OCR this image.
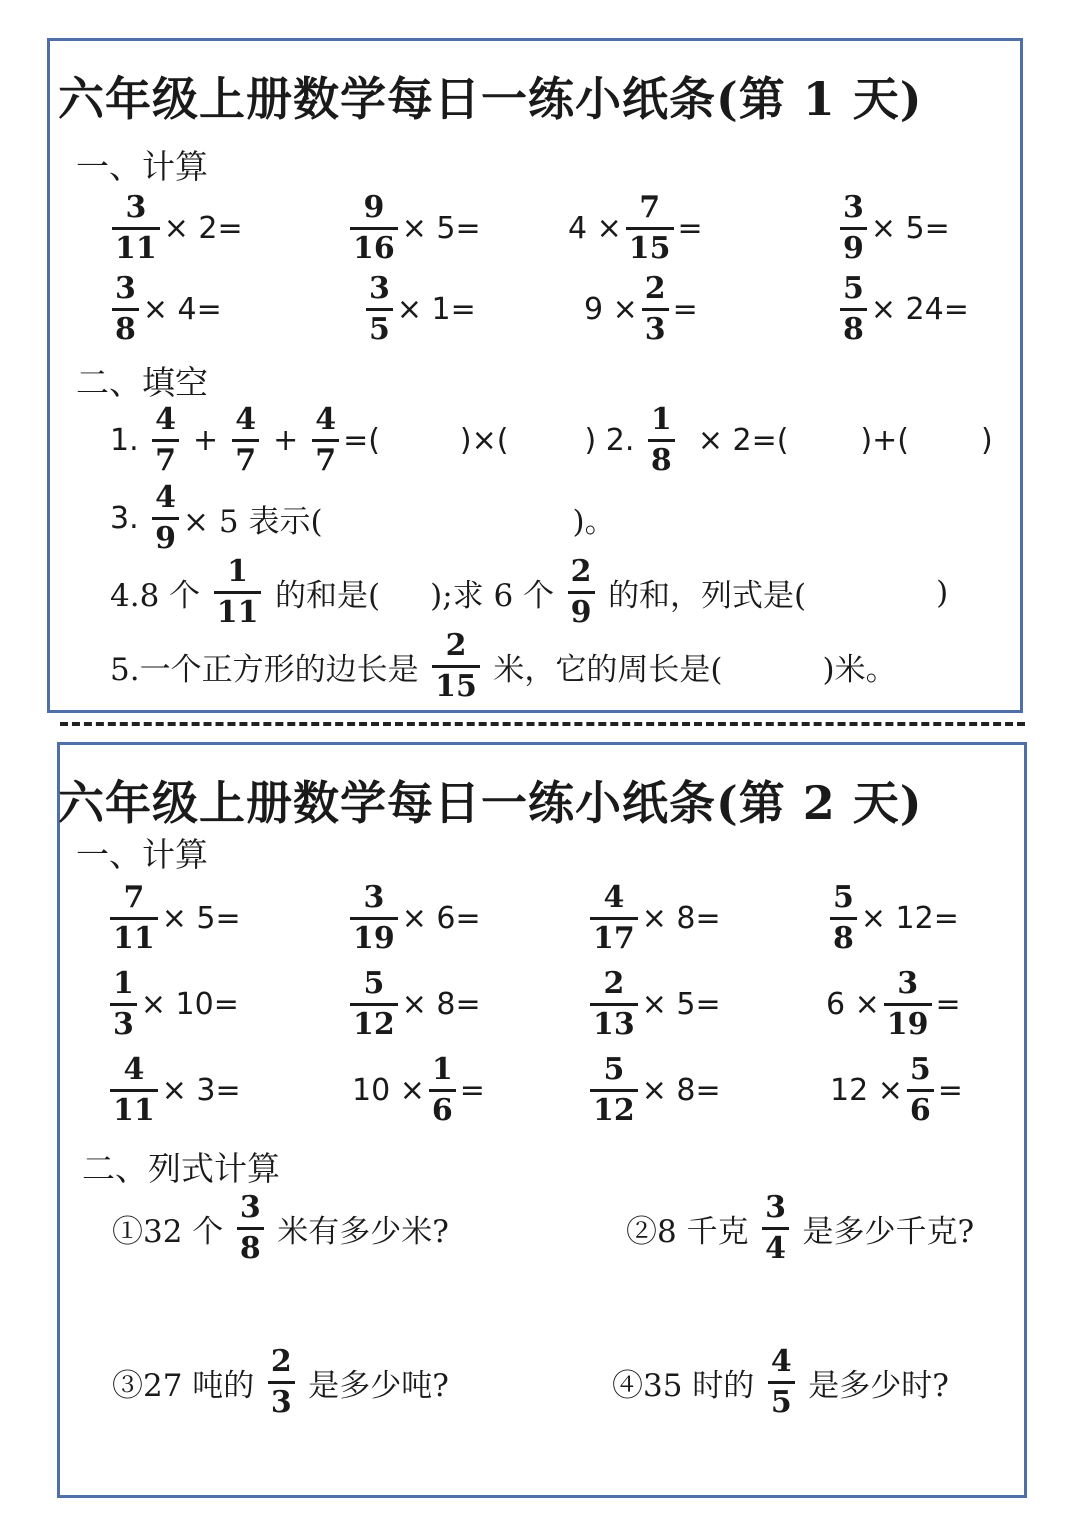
六年级上册数学每日一练小纸条(第 1 天)
一、计算
$\frac{3}{11} \times 2=$	$\frac{9}{16} \times 5=$	$4 \times \frac{7}{15}$ =	$\frac{3}{9} \times 5=$
$\frac{3}{8} \times 4=$	$\frac{3}{5} \times 1=$	$9 \times \frac{2}{3}$ =	$\frac{5}{8} \times 24=$
二、填空
1.
$\frac{4}{7} + \frac{4}{7} + \frac{4}{7}$ =(	)×(	)
2.
$\frac{1}{8}$
× 2=( )+( )
3.
$\frac{4}{9} \times 5$ 表示(	)。
4.8 个
$\frac{1}{11}$
的和是( );求 6 个
$\frac{2}{9}$
的和，列式是(	)
5.一个正方形的边长是
$\frac{2}{15}$
米，它的周长是(	)米。
六年级上册数学每日一练小纸条(第 2 天)
一、计算
$\frac{7}{11} \times 5=$	$\frac{3}{19} \times 6=$	$\frac{4}{17} \times 8=$	$\frac{5}{8} \times 12=$
$\frac{1}{3} \times 10=$	$\frac{5}{12} \times 8=$	$\frac{2}{13} \times 5=$	$6 \times \frac{3}{19}$ =
$\frac{4}{11} \times 3=$	$10 \times \frac{1}{6}$ =	$\frac{5}{12} \times 8=$	$12 \times \frac{5}{6}$ =
二、列式计算
①32 个
$\frac{3}{8}$
米有多少米?	②8 千克
$\frac{3}{4}$
是多少千克?
③27 吨的
$\frac{2}{3}$
是多少吨?	④35 时的
$\frac{4}{5}$
是多少时?
